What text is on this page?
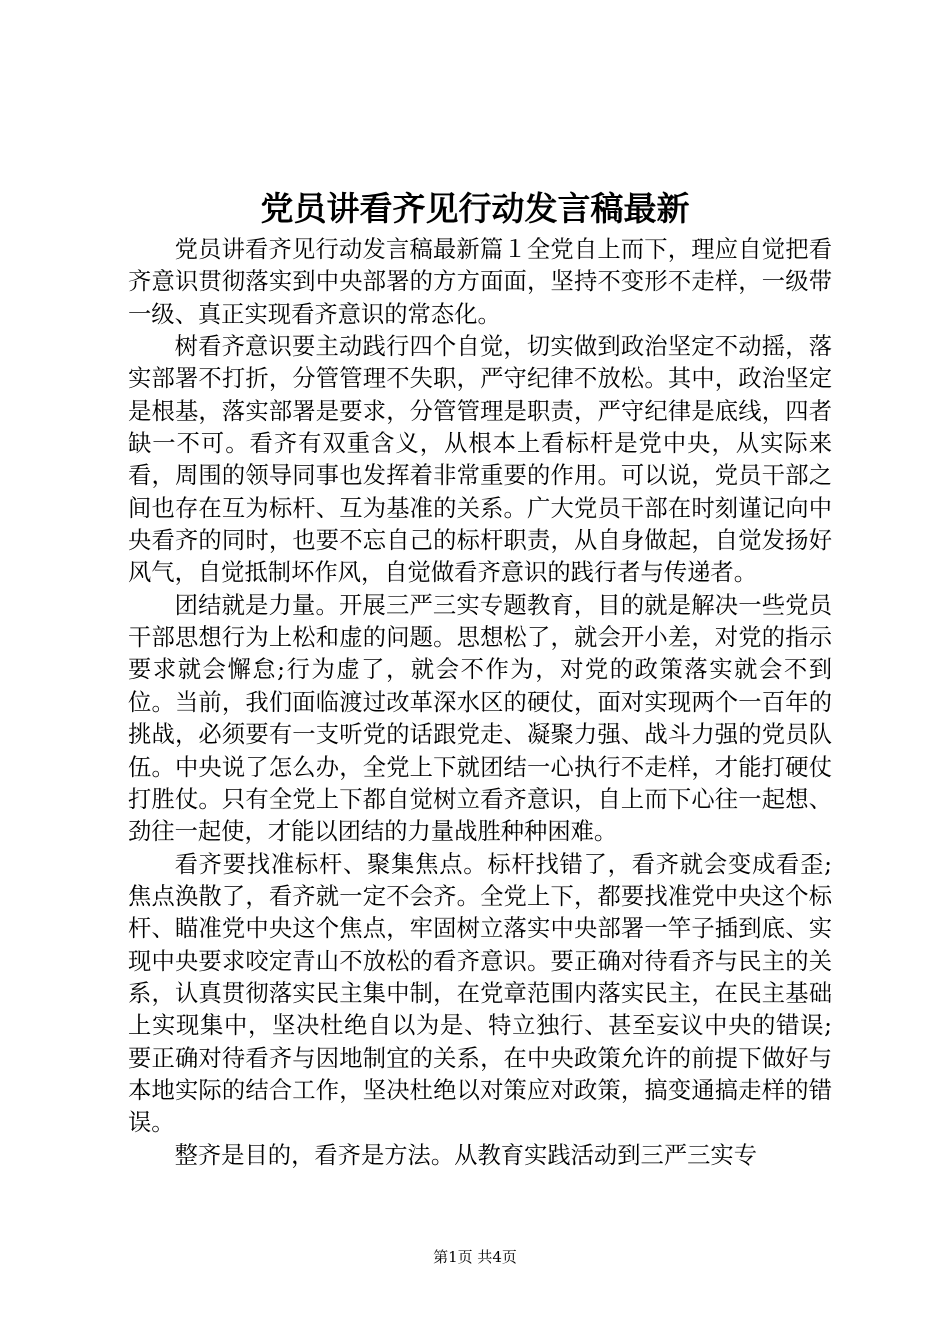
党员讲看齐见行动发言稿最新

党员讲看齐见行动发言稿最新篇１全党自上而下，理应自觉把看齐意识贯彻落实到中央部署的方方面面，坚持不变形不走样，一级带一级、真正实现看齐意识的常态化。

树看齐意识要主动践行四个自觉，切实做到政治坚定不动摇，落实部署不打折，分管管理不失职，严守纪律不放松。其中，政治坚定是根基，落实部署是要求，分管管理是职责，严守纪律是底线，四者缺一不可。看齐有双重含义，从根本上看标杆是党中央，从实际来看，周围的领导同事也发挥着非常重要的作用。可以说，党员干部之间也存在互为标杆、互为基准的关系。广大党员干部在时刻谨记向中央看齐的同时，也要不忘自己的标杆职责，从自身做起，自觉发扬好风气，自觉抵制坏作风，自觉做看齐意识的践行者与传递者。

团结就是力量。开展三严三实专题教育，目的就是解决一些党员干部思想行为上松和虚的问题。思想松了，就会开小差，对党的指示要求就会懈怠;行为虚了，就会不作为，对党的政策落实就会不到位。当前，我们面临渡过改革深水区的硬仗，面对实现两个一百年的挑战，必须要有一支听党的话跟党走、凝聚力强、战斗力强的党员队伍。中央说了怎么办，全党上下就团结一心执行不走样，才能打硬仗打胜仗。只有全党上下都自觉树立看齐意识，自上而下心往一起想、劲往一起使，才能以团结的力量战胜种种困难。

看齐要找准标杆、聚集焦点。标杆找错了，看齐就会变成看歪;焦点涣散了，看齐就一定不会齐。全党上下，都要找准党中央这个标杆、瞄准党中央这个焦点，牢固树立落实中央部署一竿子插到底、实现中央要求咬定青山不放松的看齐意识。要正确对待看齐与民主的关系，认真贯彻落实民主集中制，在党章范围内落实民主，在民主基础上实现集中，坚决杜绝自以为是、特立独行、甚至妄议中央的错误;要正确对待看齐与因地制宜的关系，在中央政策允许的前提下做好与本地实际的结合工作，坚决杜绝以对策应对政策，搞变通搞走样的错误。

整齐是目的，看齐是方法。从教育实践活动到三严三实专

第1页 共4页
